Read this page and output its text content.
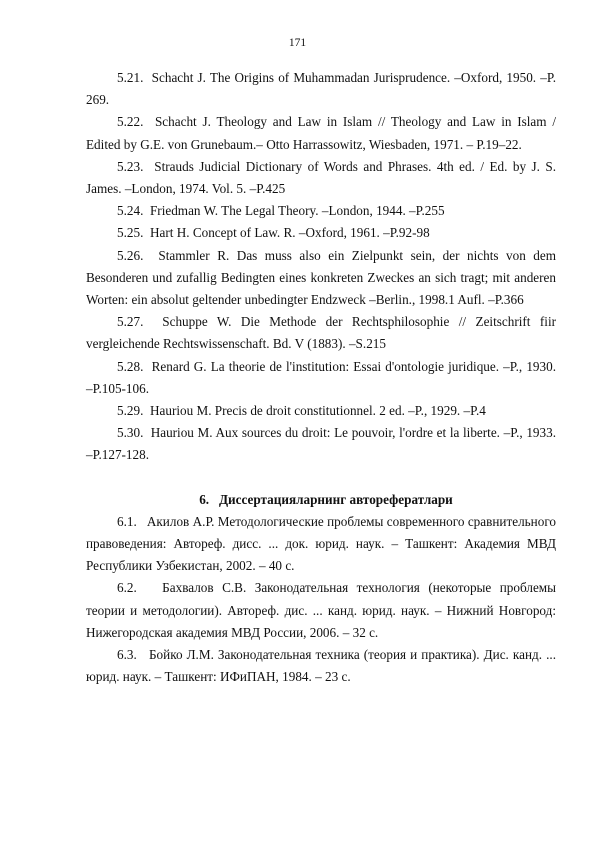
171

5.21. Schacht J. The Origins of Muhammadan Jurisprudence. –Oxford, 1950. –P. 269.

5.22. Schacht J. Theology and Law in Islam // Theology and Law in Islam / Edited by G.E. von Grunebaum.– Otto Harrassowitz, Wiesbaden, 1971. – P.19–22.

5.23. Strauds Judicial Dictionary of Words and Phrases. 4th ed. / Ed. by J. S. James. –London, 1974. Vol. 5. –P.425

5.24. Friedman W. The Legal Theory. –London, 1944. –P.255

5.25. Hart H. Concept of Law. R. –Oxford, 1961. –P.92-98

5.26. Stammler R. Das muss also ein Zielpunkt sein, der nichts von dem Besonderen und zufallig Bedingten eines konkreten Zweckes an sich tragt; mit anderen Worten: ein absolut geltender unbedingter Endzweck –Berlin., 1998.1 Aufl. –P.366

5.27. Schuppe W. Die Methode der Rechtsphilosophie // Zeitschrift fiir vergleichende Rechtswissenschaft. Bd. V (1883). –S.215

5.28. Renard G. La theorie de l'institution: Essai d'ontologie juridique. –P., 1930. –P.105-106.

5.29. Hauriou M. Precis de droit constitutionnel. 2 ed. –P., 1929. –P.4

5.30. Hauriou M. Aux sources du droit: Le pouvoir, l'ordre et la liberte. –P., 1933. –P.127-128.

6. Диссертацияларнинг авторефератлари

6.1. Акилов А.Р. Методологические проблемы современного сравнительного правоведения: Автореф. дисс. ... док. юрид. наук. – Ташкент: Академия МВД Республики Узбекистан, 2002. – 40 с.

6.2. Бахвалов С.В. Законодательная технология (некоторые проблемы теории и методологии). Автореф. дис. ... канд. юрид. наук. – Нижний Новгород: Нижегородская академия МВД России, 2006. – 32 с.

6.3. Бойко Л.М. Законодательная техника (теория и практика). Дис. канд. ... юрид. наук. – Ташкент: ИФиПАН, 1984. – 23 с.
